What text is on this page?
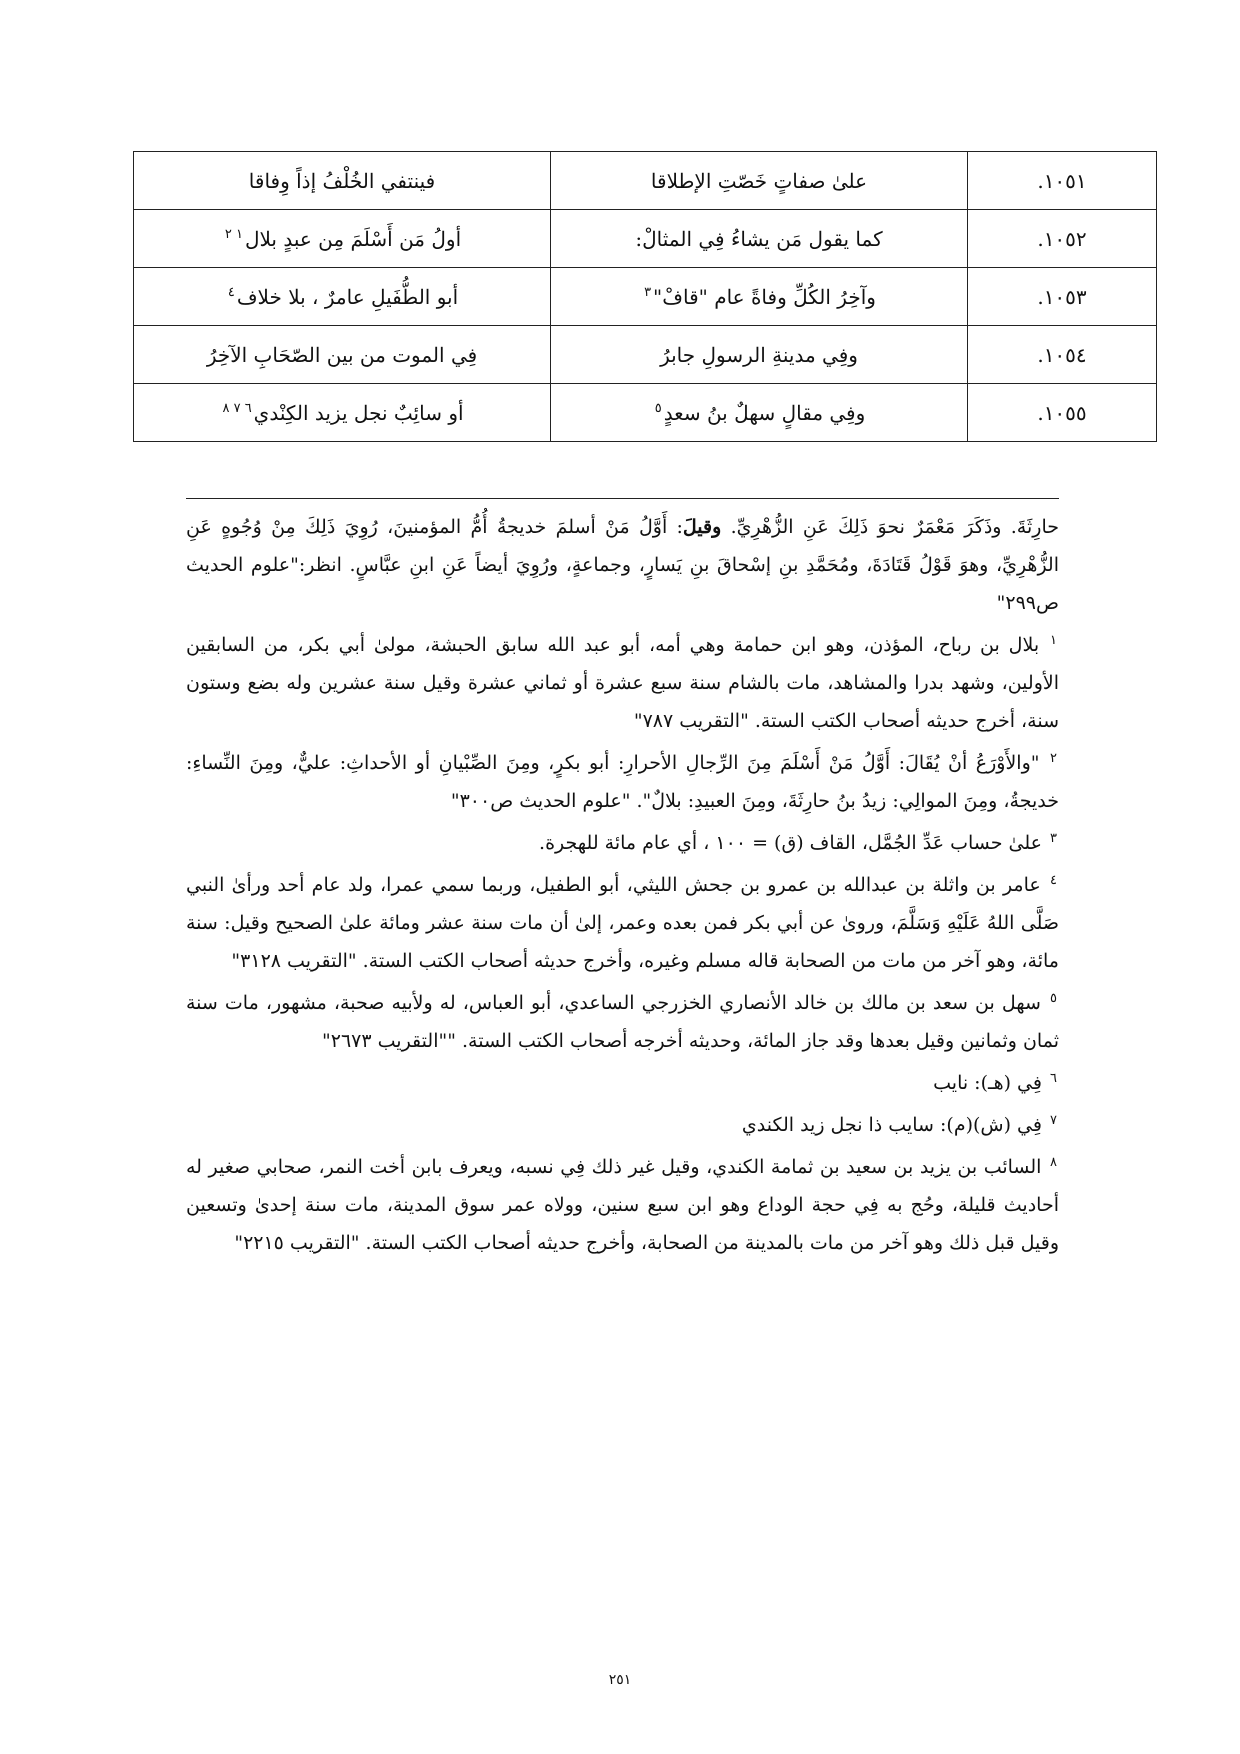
١٠٥١.	علىٰ صفاتٍ خَصّتِ الإطلاقا	فينتفي الخُلْفُ إذاً وِفاقا
١٠٥٢.	كما يقول مَن يشاءُ فِي المثالْ:	أولُ مَن أَسْلَمَ مِن عبدٍ بلال$^{١ ٢}$
١٠٥٣.	وآخِرُ الكُلِّ وفاةً عام "قافْ"$^٣$	أبو الطُّفَيلِ عامرٌ ، بلا خلاف$^٤$
١٠٥٤.	وفِي مدينةِ الرسولِ جابرُ	فِي الموت من بين الصّحَابِ الآخِرُ
١٠٥٥.	وفِي مقالٍ سهلٌ بنُ سعدٍ$^٥$	أو سائِبٌ نجل يزيد الكِنْدي$^{٦ ٧ ٨}$

حارِثَةَ. وذَكَرَ مَعْمَرٌ نحوَ ذَلِكَ عَنِ الزُّهْرِيِّ. وقيلَ: أَوَّلُ مَنْ أسلمَ خديجةُ أُمُّ المؤمنينَ، رُوِيَ ذَلِكَ مِنْ وُجُوهٍ عَنِ الزُّهْرِيِّ، وهوَ قَوْلُ قَتَادَةَ، ومُحَمَّدِ بنِ إسْحاقَ بنِ يَسارٍ، وجماعةٍ، ورُوِيَ أيضاً عَنِ ابنِ عبَّاسٍ. انظر:"علوم الحديث ص٢٩٩"

$^١$ بلال بن رباح، المؤذن، وهو ابن حمامة وهي أمه، أبو عبد الله سابق الحبشة، مولىٰ أبي بكر، من السابقين الأولين، وشهد بدرا والمشاهد، مات بالشام سنة سبع عشرة أو ثماني عشرة وقيل سنة عشرين وله بضع وستون سنة، أخرج حديثه أصحاب الكتب الستة. "التقريب ٧٨٧"

$^٢$ "والأَوْرَعُ أنْ يُقَالَ: أَوَّلُ مَنْ أَسْلَمَ مِنَ الرِّجالِ الأحرارِ: أبو بكرٍ، ومِنَ الصِّبْيانِ أو الأحداثِ: عليٌّ، ومِنَ النِّساءِ: خديجةُ، ومِنَ الموالِي: زيدُ بنُ حارِثَةَ، ومِنَ العبيدِ: بلالٌ". "علوم الحديث ص٣٠٠"

$^٣$ علىٰ حساب عَدِّ الجُمَّل، القاف (ق) = ١٠٠ ، أي عام مائة للهجرة.

$^٤$ عامر بن واثلة بن عبدالله بن عمرو بن جحش الليثي، أبو الطفيل، وربما سمي عمرا، ولد عام أحد ورأىٰ النبي صَلَّى اللهُ عَلَيْهِ وَسَلَّمَ، وروىٰ عن أبي بكر فمن بعده وعمر، إلىٰ أن مات سنة عشر ومائة علىٰ الصحيح وقيل: سنة مائة، وهو آخر من مات من الصحابة قاله مسلم وغيره، وأخرج حديثه أصحاب الكتب الستة. "التقريب ٣١٢٨"

$^٥$ سهل بن سعد بن مالك بن خالد الأنصاري الخزرجي الساعدي، أبو العباس، له ولأبيه صحبة، مشهور، مات سنة ثمان وثمانين وقيل بعدها وقد جاز المائة، وحديثه أخرجه أصحاب الكتب الستة. ""التقريب ٢٦٧٣"

$^٦$ فِي (هـ): نايب

$^٧$ فِي (ش)(م): سايب ذا نجل زيد الكندي

$^٨$ السائب بن يزيد بن سعيد بن ثمامة الكندي، وقيل غير ذلك فِي نسبه، ويعرف بابن أخت النمر، صحابي صغير له أحاديث قليلة، وحُج به فِي حجة الوداع وهو ابن سبع سنين، وولاه عمر سوق المدينة، مات سنة إحدىٰ وتسعين وقيل قبل ذلك وهو آخر من مات بالمدينة من الصحابة، وأخرج حديثه أصحاب الكتب الستة. "التقريب ٢٢١٥"

٢٥١
